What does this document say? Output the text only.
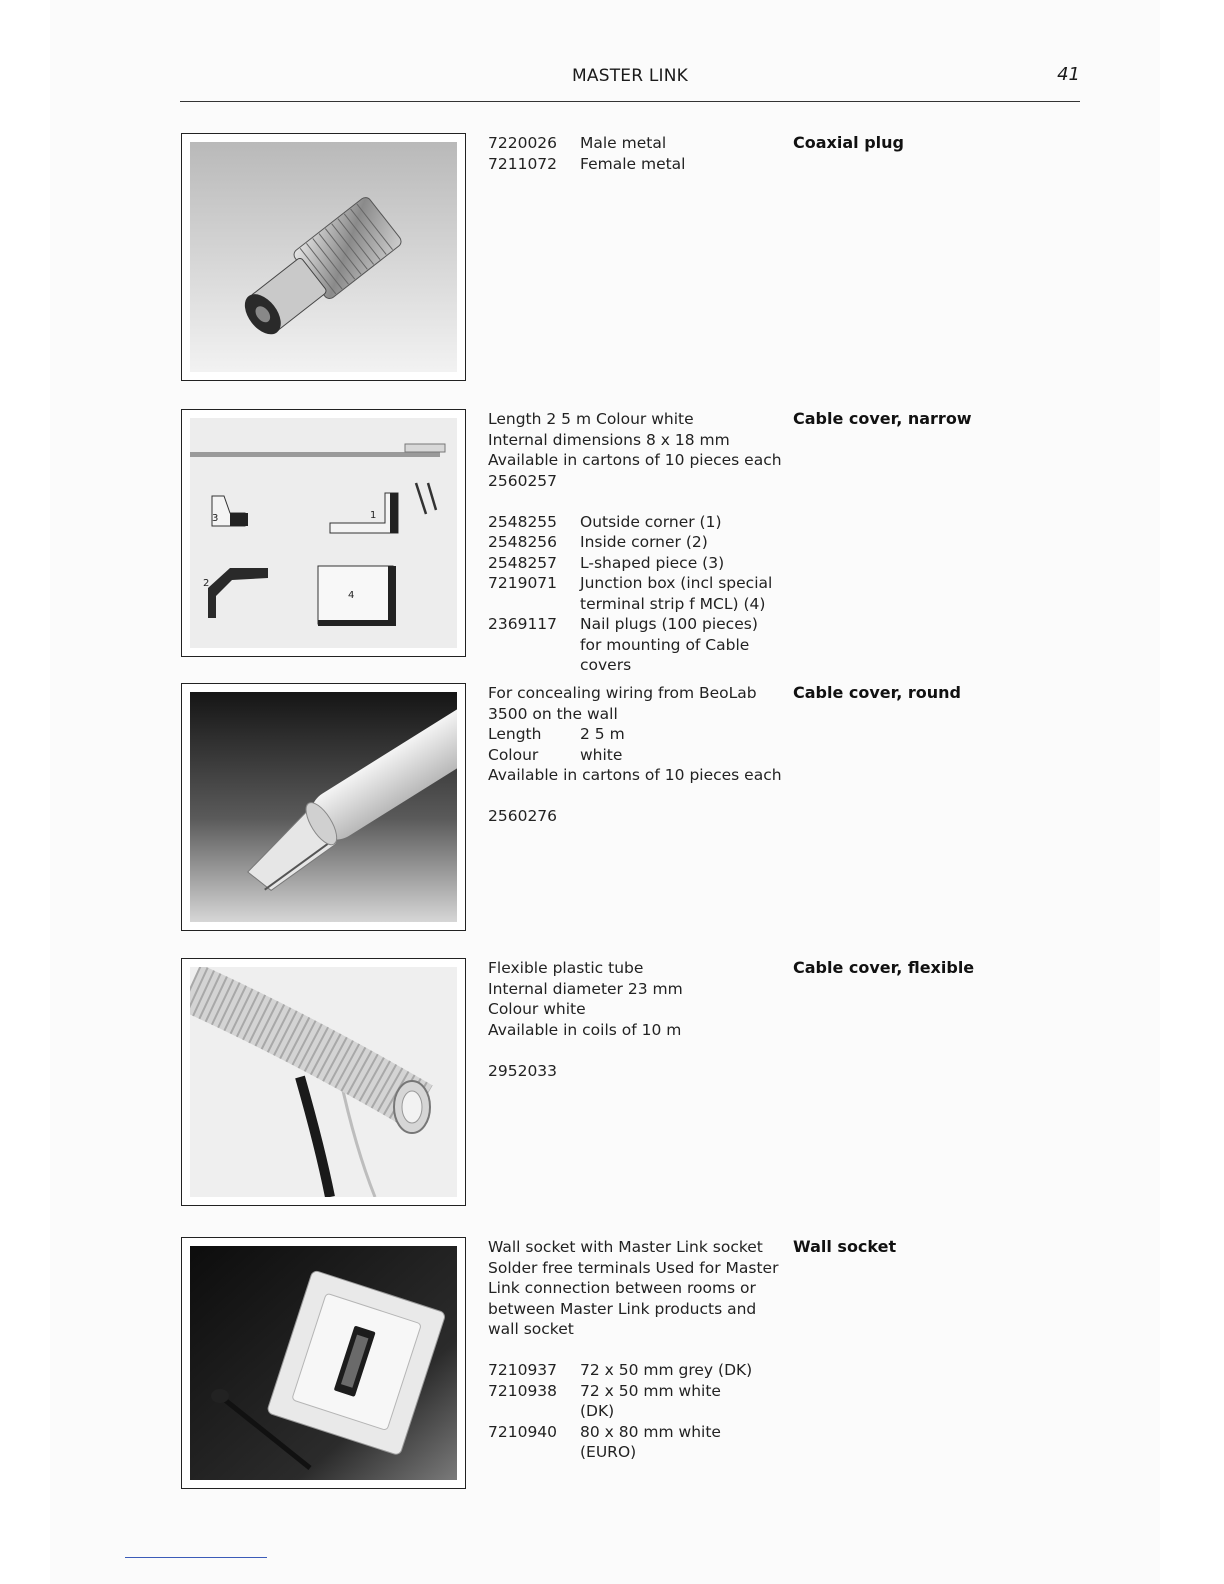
MASTER LINK	41
7220026 Male metal
7211072 Female metal
Coaxial plug
3	1
2
4
Length 2 5 m Colour white
Internal dimensions 8 x 18 mm
Available in cartons of 10 pieces each
2560257
2548255 Outside corner (1)
2548256 Inside corner (2)
2548257 L-shaped piece (3)
7219071 Junction box (incl special terminal strip f MCL) (4)
2369117 Nail plugs (100 pieces) for mounting of Cable covers
Cable cover, narrow
For concealing wiring from BeoLab
3500 on the wall
Length 2 5 m
Colour	white
Available in cartons of 10 pieces each
2560276
Cable cover, round
Flexible plastic tube
Internal diameter 23 mm
Colour white
Available in coils of 10 m
2952033
Cable cover, flexible
Wall socket with Master Link socket
Solder free terminals Used for Master
Link connection between rooms or
between Master Link products and
wall socket
7210937 72 x 50 mm grey (DK)
7210938 72 x 50 mm white (DK)
7210940 80 x 80 mm white (EURO)
Wall socket
